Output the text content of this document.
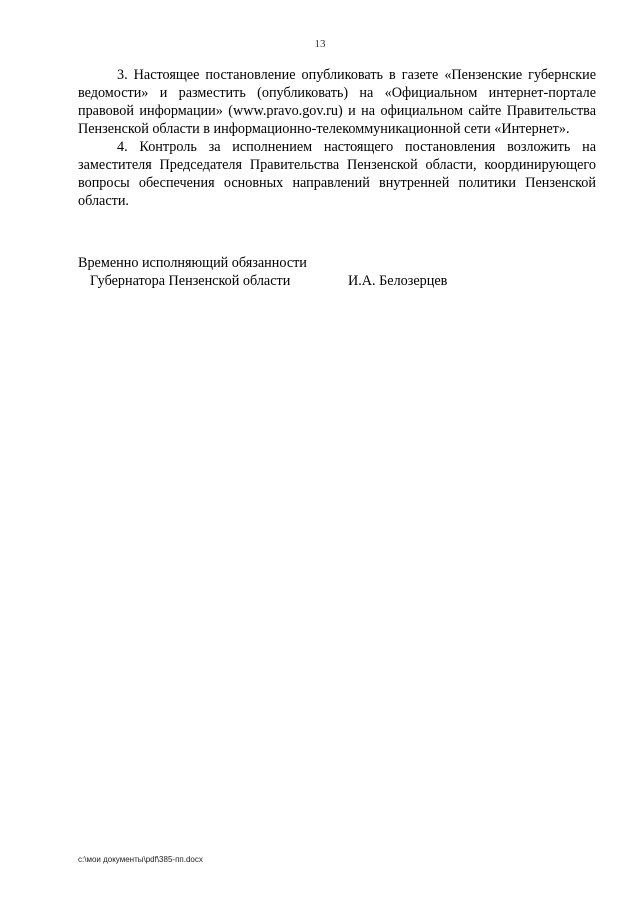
13

3. Настоящее постановление опубликовать в газете «Пензенские губернские ведомости» и разместить (опубликовать) на «Официальном интернет-портале правовой информации» (www.pravo.gov.ru) и на официальном сайте Правительства Пензенской области в информационно-телекоммуникационной сети «Интернет».

4. Контроль за исполнением настоящего постановления возложить на заместителя Председателя Правительства Пензенской области, координирующего вопросы обеспечения основных направлений внутренней политики Пензенской области.

Временно исполняющий обязанности
Губернатора Пензенской области	И.А. Белозерцев
c:\мои документы\pdf\385-пп.docx
